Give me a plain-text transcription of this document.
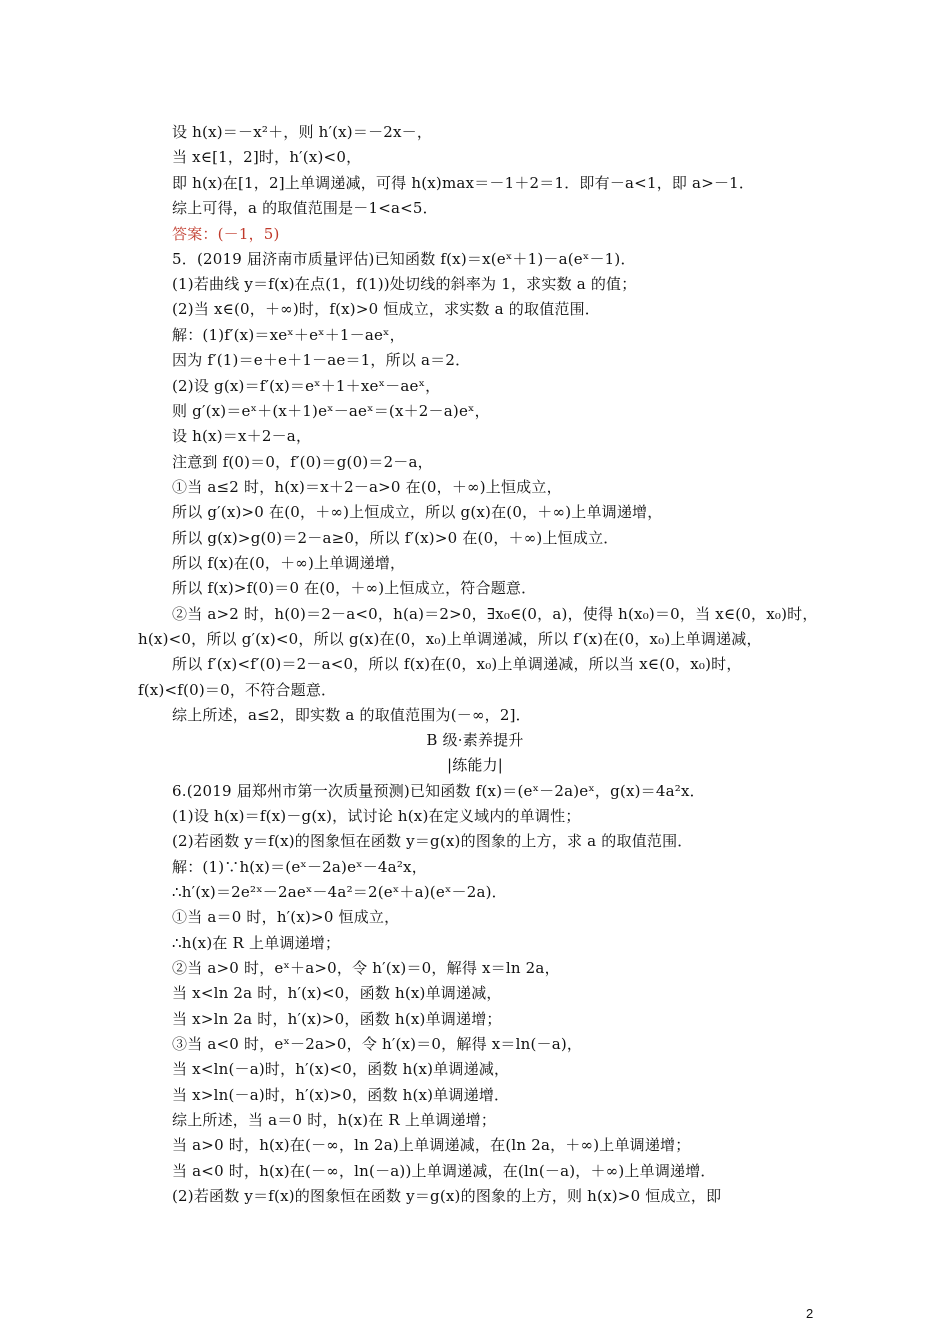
设 h(x)＝－x²＋，则 h′(x)＝－2x－，
当 x∈[1，2]时，h′(x)<0，
即 h(x)在[1，2]上单调递减，可得 h(x)max＝－1＋2＝1．即有－a<1，即 a>－1．
综上可得，a 的取值范围是－1<a<5．
答案：(－1，5)
5．(2019 届济南市质量评估)已知函数 f(x)＝x(eˣ＋1)－a(eˣ－1)．
(1)若曲线 y＝f(x)在点(1，f(1))处切线的斜率为 1，求实数 a 的值；
(2)当 x∈(0，＋∞)时，f(x)>0 恒成立，求实数 a 的取值范围．
解：(1)f′(x)＝xeˣ＋eˣ＋1－aeˣ，
因为 f′(1)＝e＋e＋1－ae＝1，所以 a＝2．
(2)设 g(x)＝f′(x)＝eˣ＋1＋xeˣ－aeˣ，
则 g′(x)＝eˣ＋(x＋1)eˣ－aeˣ＝(x＋2－a)eˣ，
设 h(x)＝x＋2－a，
注意到 f(0)＝0，f′(0)＝g(0)＝2－a，
①当 a≤2 时，h(x)＝x＋2－a>0 在(0，＋∞)上恒成立，
所以 g′(x)>0 在(0，＋∞)上恒成立，所以 g(x)在(0，＋∞)上单调递增，
所以 g(x)>g(0)＝2－a≥0，所以 f′(x)>0 在(0，＋∞)上恒成立．
所以 f(x)在(0，＋∞)上单调递增，
所以 f(x)>f(0)＝0 在(0，＋∞)上恒成立，符合题意．
②当 a>2 时，h(0)＝2－a<0，h(a)＝2>0，∃x₀∈(0，a)，使得 h(x₀)＝0，当 x∈(0，x₀)时，
h(x)<0，所以 g′(x)<0，所以 g(x)在(0，x₀)上单调递减，所以 f′(x)在(0，x₀)上单调递减，
所以 f′(x)<f′(0)＝2－a<0，所以 f(x)在(0，x₀)上单调递减，所以当 x∈(0，x₀)时，
f(x)<f(0)＝0，不符合题意．
综上所述，a≤2，即实数 a 的取值范围为(－∞，2]．
B 级·素养提升
|练能力|
6.(2019 届郑州市第一次质量预测)已知函数 f(x)＝(eˣ－2a)eˣ，g(x)＝4a²x．
(1)设 h(x)＝f(x)－g(x)，试讨论 h(x)在定义域内的单调性；
(2)若函数 y＝f(x)的图象恒在函数 y＝g(x)的图象的上方，求 a 的取值范围．
解：(1)∵h(x)＝(eˣ－2a)eˣ－4a²x，
∴h′(x)＝2e²ˣ－2aeˣ－4a²＝2(eˣ＋a)(eˣ－2a)．
①当 a＝0 时，h′(x)>0 恒成立，
∴h(x)在 R 上单调递增；
②当 a>0 时，eˣ＋a>0，令 h′(x)＝0，解得 x＝ln 2a，
当 x<ln 2a 时，h′(x)<0，函数 h(x)单调递减，
当 x>ln 2a 时，h′(x)>0，函数 h(x)单调递增；
③当 a<0 时，eˣ－2a>0，令 h′(x)＝0，解得 x＝ln(－a)，
当 x<ln(－a)时，h′(x)<0，函数 h(x)单调递减，
当 x>ln(－a)时，h′(x)>0，函数 h(x)单调递增．
综上所述，当 a＝0 时，h(x)在 R 上单调递增；
当 a>0 时，h(x)在(－∞，ln 2a)上单调递减，在(ln 2a，＋∞)上单调递增；
当 a<0 时，h(x)在(－∞，ln(－a))上单调递减，在(ln(－a)，＋∞)上单调递增．
(2)若函数 y＝f(x)的图象恒在函数 y＝g(x)的图象的上方，则 h(x)>0 恒成立，即
2
